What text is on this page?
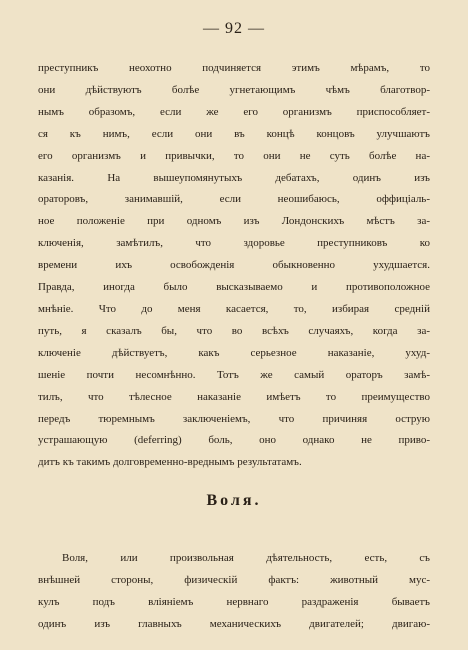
— 92 —
преступникъ неохотно подчиняется этимъ мѣрамъ, то
они дѣйствуютъ болѣе угнетающимъ чѣмъ благотвор-
нымъ образомъ, если же его организмъ приспособляет-
ся къ нимъ, если они въ концѣ концовъ улучшаютъ
его организмъ и привычки, то они не суть болѣе на-
казанія. На вышеупомянутыхъ дебатахъ, одинъ изъ
ораторовъ, занимавшій, если неошибаюсь, оффиціаль-
ное положеніе при одномъ изъ Лондонскихъ мѣстъ за-
ключенія, замѣтилъ, что здоровье преступниковъ ко
времени ихъ освобожденія обыкновенно ухудшается.
Правда, иногда было высказываемо и противоположное
мнѣніе. Что до меня касается, то, избирая средній
путь, я сказалъ бы, что во всѣхъ случаяхъ, когда за-
ключеніе дѣйствуетъ, какъ серьезное наказаніе, ухуд-
шеніе почти несомнѣнно. Тотъ же самый ораторъ замѣ-
тилъ, что тѣлесное наказаніе имѣетъ то преимущество
передъ тюремнымъ заключеніемъ, что причиняя острую
устрашающую (deferring) боль, оно однако не приво-
дитъ къ такимъ долговременно-вреднымъ результатамъ.
Воля.
Воля, или произвольная дѣятельность, есть, съ
внѣшней стороны, физическій фактъ: животный мус-
кулъ подъ вліяніемъ нервнаго раздраженія бываетъ
одинъ изъ главныхъ механическихъ двигателей; двигаю-
